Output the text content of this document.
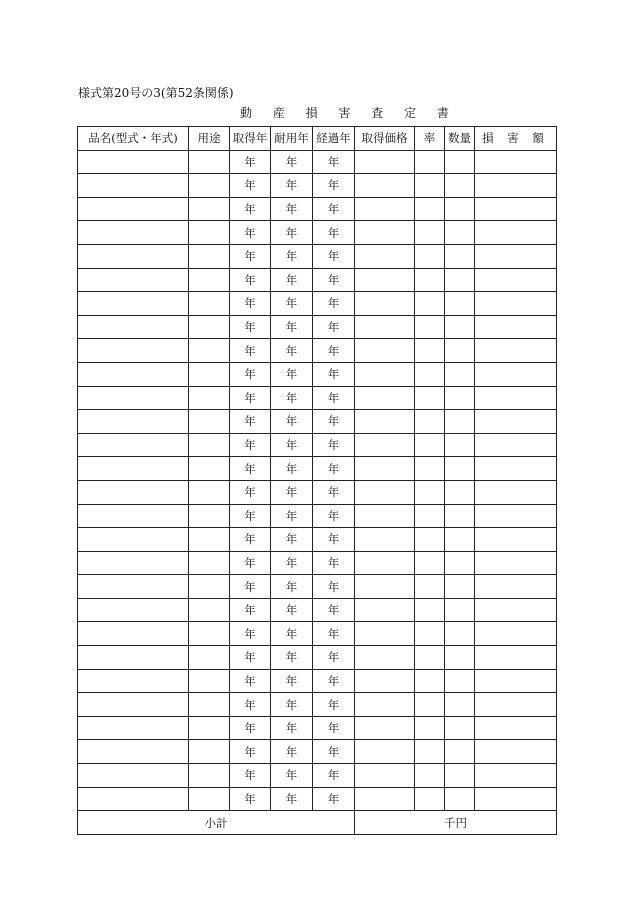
様式第20号の3(第52条関係)
動 産 損 害 査 定 書
品名(型式・年式)	用途	取得年	耐用年	経過年	取得価格	率	数量	損 害 額
		年	年	年				
		年	年	年				
		年	年	年				
		年	年	年				
		年	年	年				
		年	年	年				
		年	年	年				
		年	年	年				
		年	年	年				
		年	年	年				
		年	年	年				
		年	年	年				
		年	年	年				
		年	年	年				
		年	年	年				
		年	年	年				
		年	年	年				
		年	年	年				
		年	年	年				
		年	年	年				
		年	年	年				
		年	年	年				
		年	年	年				
		年	年	年				
		年	年	年				
		年	年	年				
		年	年	年				
		年	年	年				
小計					千円			
